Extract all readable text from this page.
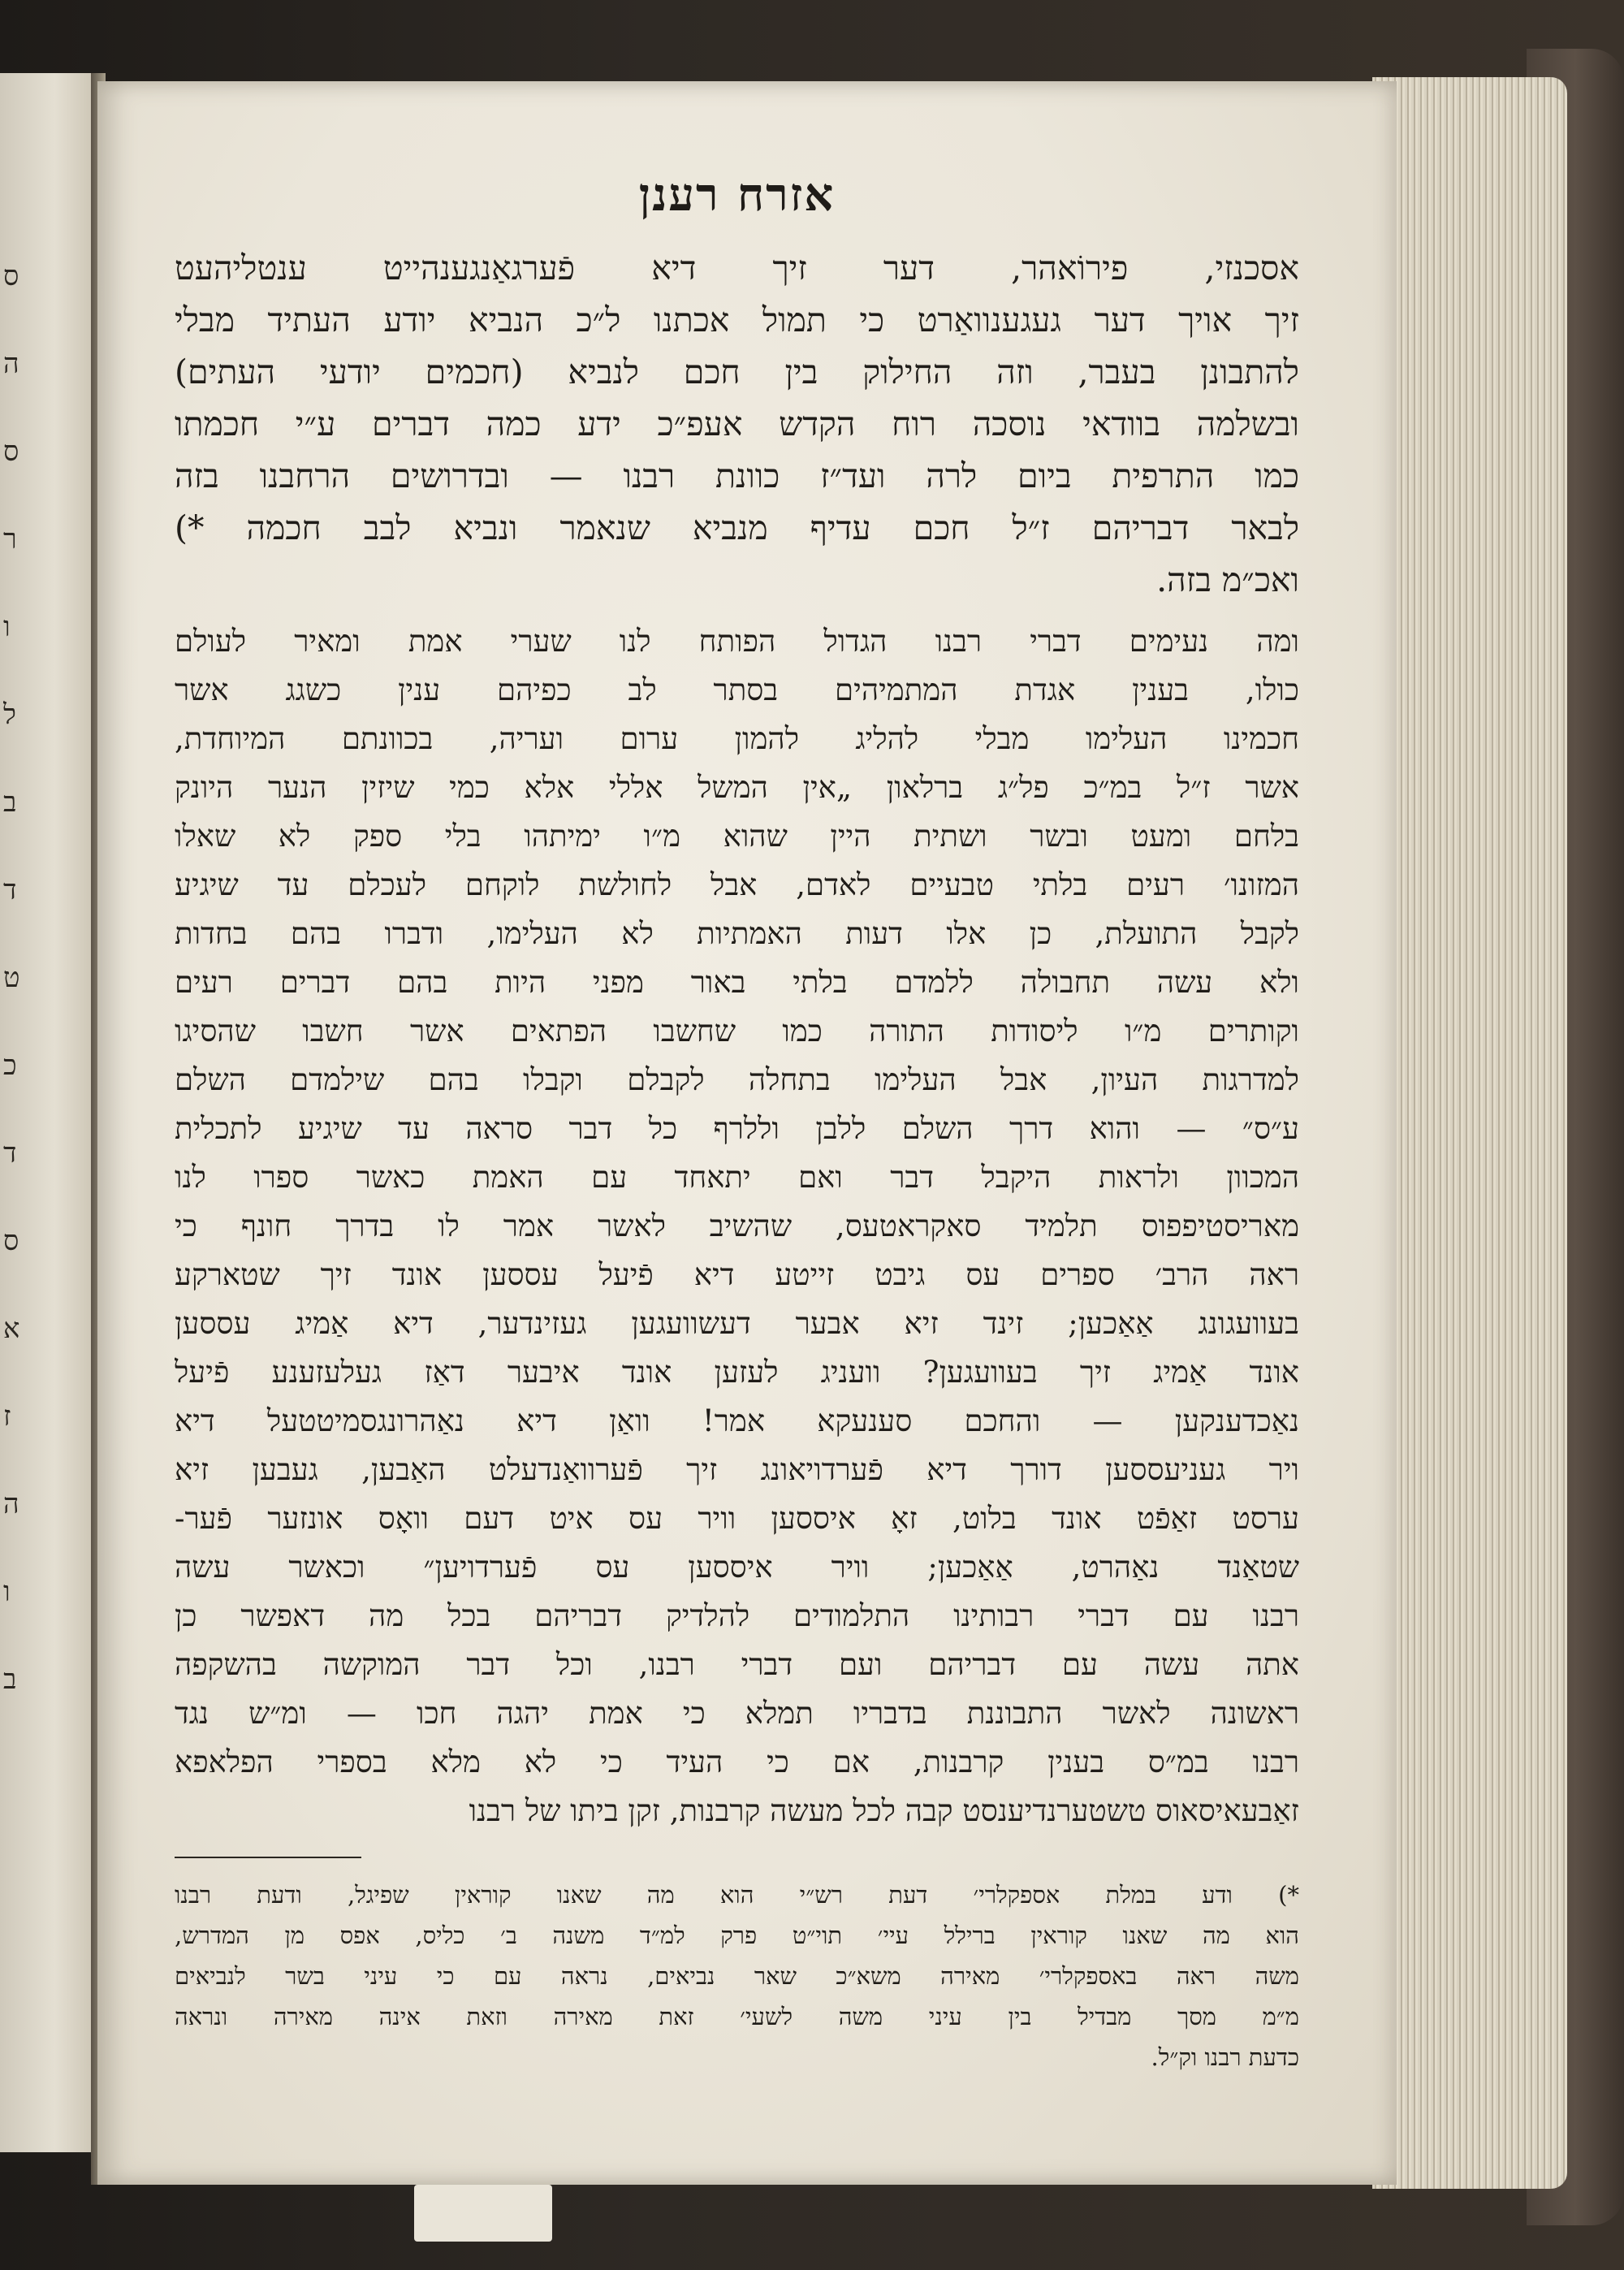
ס
ה
ס
ר
ו
ל
ב
ד
ט
כ
ד
ס
א
ז
ה
ו
ב
אזרח רענן
אסכנזי, פירוֹאהר, דער זיך דיא פֿערגאַנגענהייט ענטליהעט
זיך אויך דער געגענוואַרט כי תמול אכתנו ל״כ הנביא יודע העתיד מבלי
להתבונן בעבר, וזה החילוק בין חכם לנביא (חכמים יודעי העתים)
ובשלמה בוודאי נוסכה רוח הקדש אעפ״כ ידע כמה דברים ע״י חכמתו
כמו התרפית ביום לרה ועד״ז כוונת רבנו — ובדרושים הרחבנו בזה
לבאר דבריהם ז״ל חכם עדיף מנביא שנאמר ונביא לבב חכמה *)
ואכ״מ בזה.
ומה נעימים דברי רבנו הגדול הפותח לנו שערי אמת ומאיר לעולם
כולו, בענין אגדת המתמיהים בסתר לב כפיהם ענין כשגג אשר
חכמינו העלימו מבלי להליג להמון ערום ועריה, בכוונתם המיוחדת,
אשר ז״ל במ״כ פל״ג ברלאון „אין המשל אללי אלא כמי שיזין הנער היונק
בלחם ומעט ובשר ושתית היין שהוא מ״ו ימיתהו בלי ספק לא שאלו
המזונו׳ רעים בלתי טבעיים לאדם, אבל לחולשת לוקחם לעכלם עד שיגיע
לקבל התועלת, כן אלו דעות האמתיות לא העלימו, ודברו בהם בחדות
ולא עשה תחבולה ללמדם בלתי באור מפני היות בהם דברים רעים
וקותרים מ״ו ליסודות התורה כמו שחשבו הפתאים אשר חשבו שהסיגו
למדרגות העיון, אבל העלימו בתחלה לקבלם וקבלו בהם שילמדם השלם
ע״ס״ — והוא דרך השלם ללבן וללרף כל דבר סראה עד שיגיע לתכלית
המכוון ולראות היקבל דבר ואם יתאחד עם האמת כאשר ספרו לנו
מאריסטיפפוס תלמיד סאקראטעס, שהשיב לאשר אמר לו בדרך חונף כי
ראה הרב׳ ספרים עס גיבט זייטע דיא פֿיעל עססען אונד זיך שטארקע
בעוועגונג אַאַכען; זינד זיא אבער דעשוועגען געזינדער, דיא אַמיג עססען
אונד אַמיג זיך בעוועגען? וועניג לעזען אונד איבער דאַז געלעזענע פֿיעל
נאַכדענקען — והחכם סענעקא אמר! וואַן דיא נאַהרונגסמיטטעל דיא
ויר געניעססען דורך דיא פֿערדויאונג זיך פֿערוואַנדעלט האַבען, געבען זיא
ערסט זאַפֿט אונד בלוט, זאָ איססען וויר עס איט דעם וואָס אונזער פֿער-
שטאַנד נאַהרט, אַאַכען; וויר איססען עס פֿערדויען״ וכאשר עשה
רבנו עם דברי רבותינו התלמודים להלדיק דבריהם בכל מה דאפשר כן
אתה עשה עם דבריהם ועם דברי רבנו, וכל דבר המוקשה בהשקפה
ראשונה לאשר התבוננת בדבריו תמלא כי אמת יהגה חכו — ומ״ש נגד
רבנו במ״ס בענין קרבנות, אם כי העיד כי לא מלא בספרי הפלאפא
זאַבעאיסאוס טשטערנדיענסט קבה לכל מעשה קרבנות, זקן ביתו של רבנו
*) ודע במלת אספקלרי׳ דעת רש״י הוא מה שאנו קוראין שפיגל, ודעת רבנו
הוא מה שאנו קוראין ברילל עיי׳ תוי״ט פרק למ״ד משנה ב׳ כליס, אפס מן המדרש,
משה ראה באספקלרי׳ מאירה משא״כ שאר נביאים, נראה עם כי עיני בשר לנביאים
מ״מ מסך מבדיל בין עיני משה לשעי׳ זאת מאירה וזאת אינה מאירה ונראה
כדעת רבנו וק״ל.
